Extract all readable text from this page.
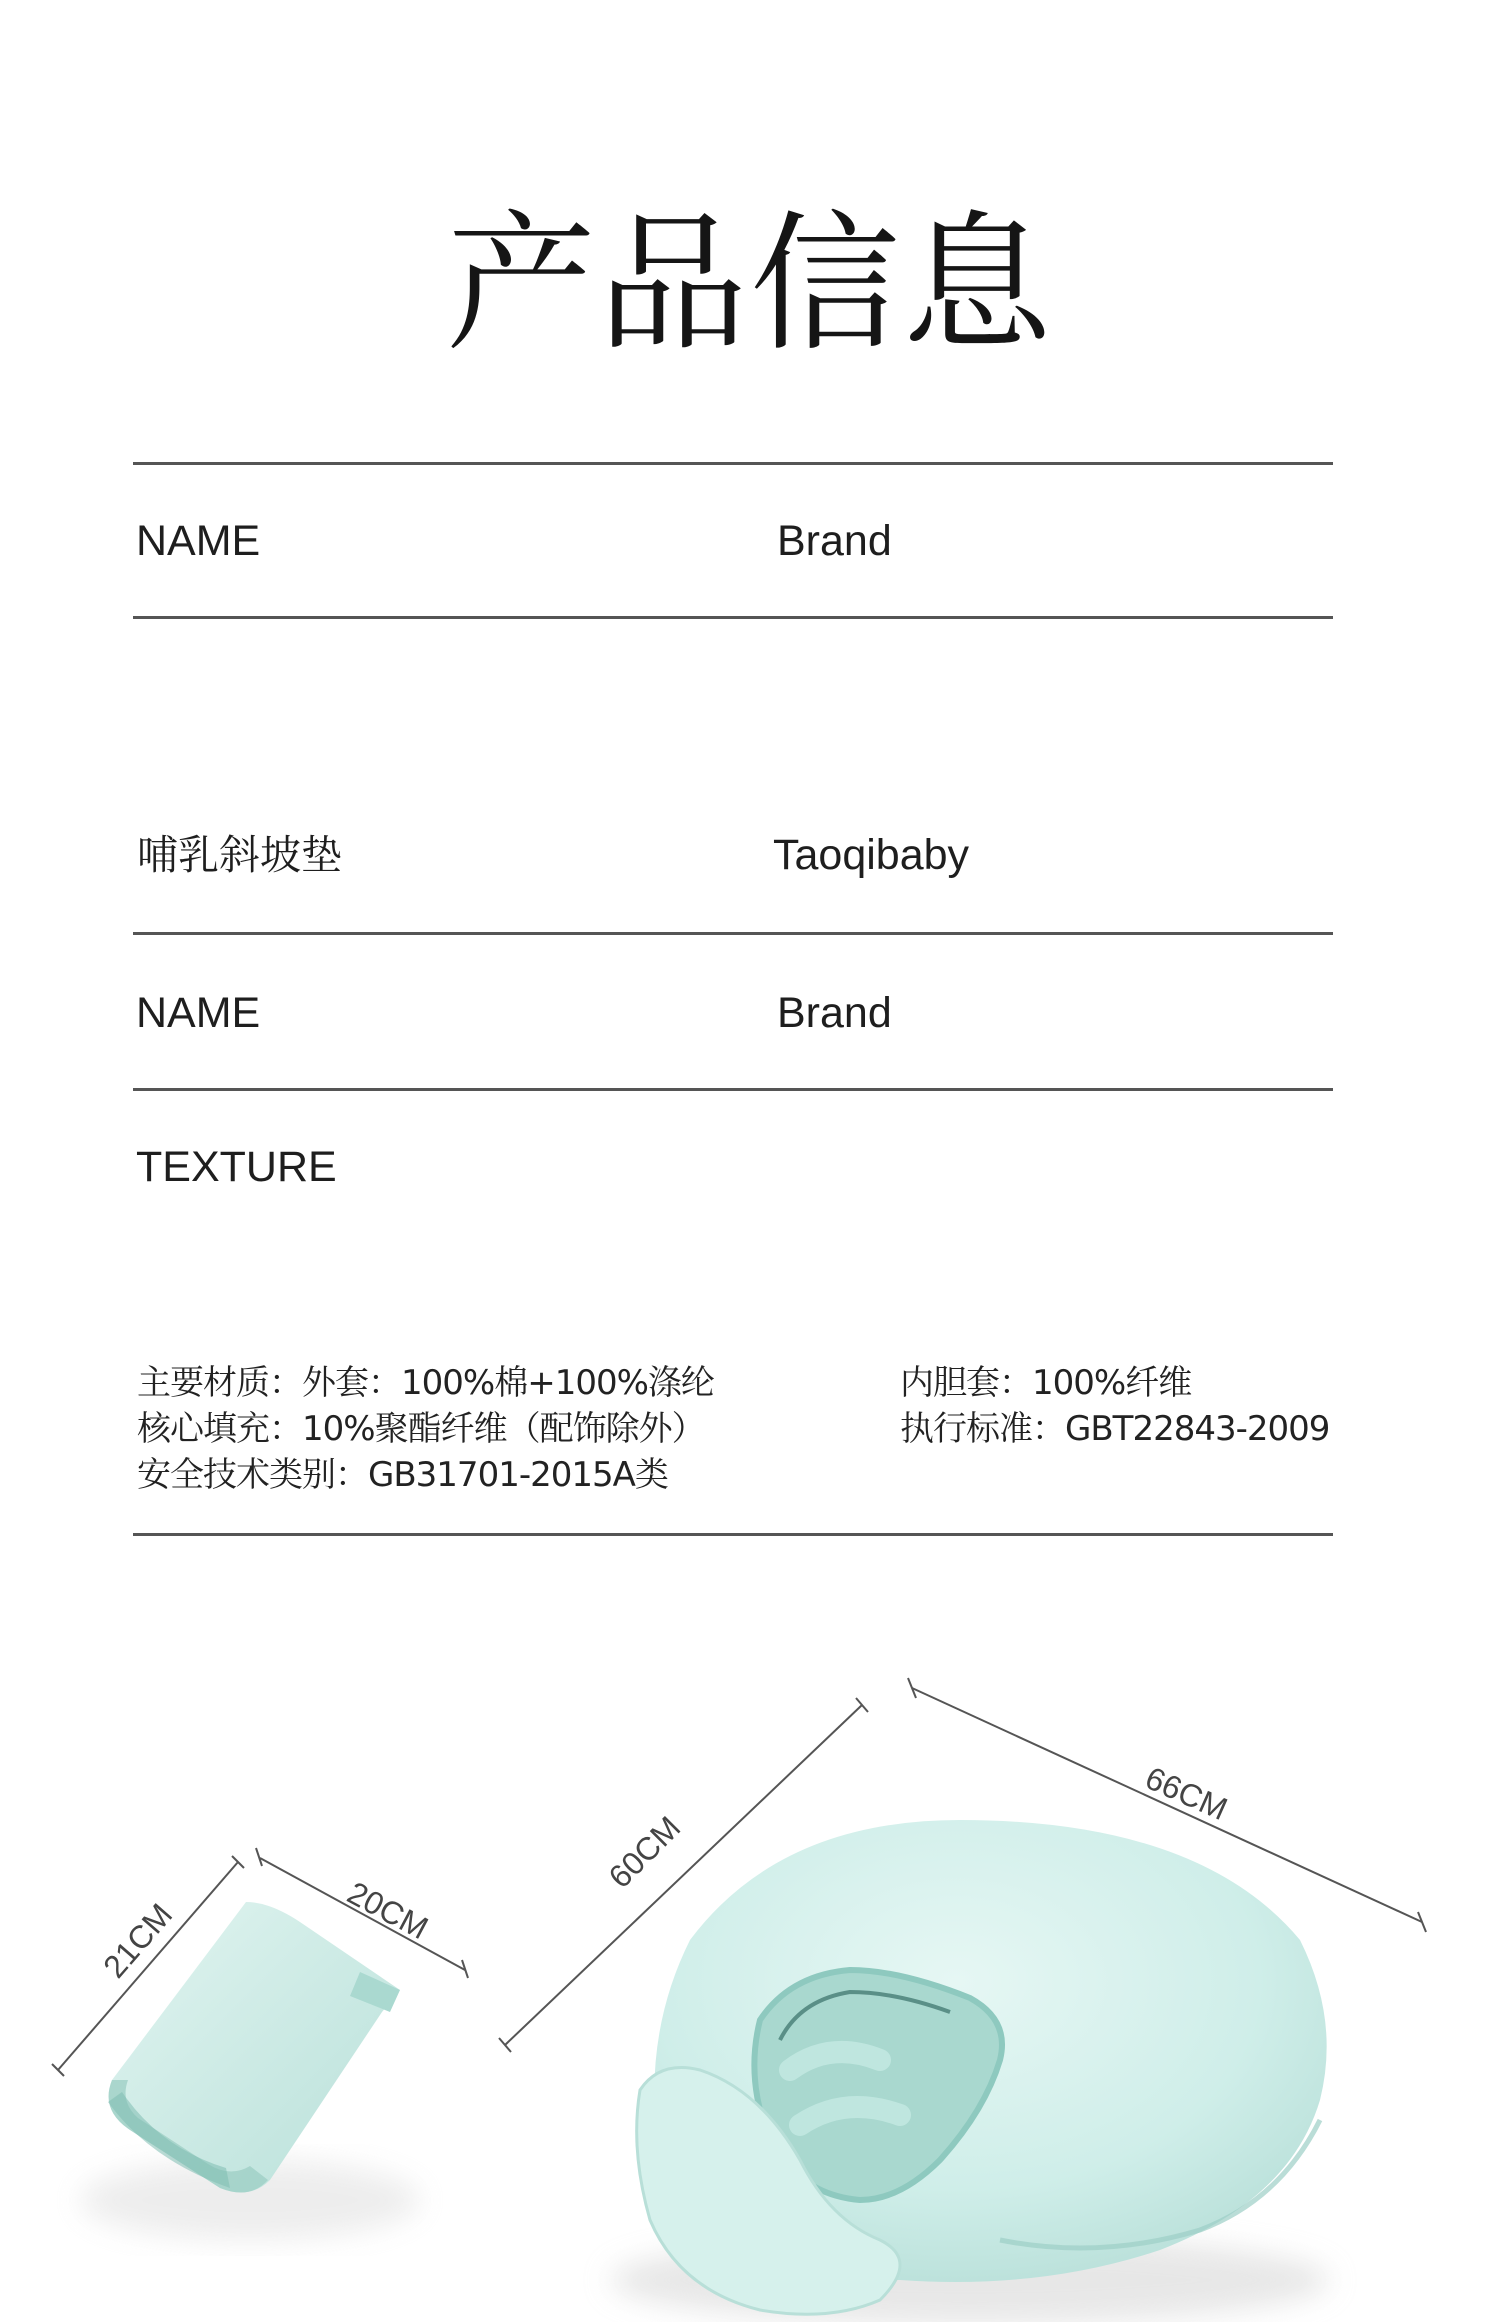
产品信息
NAME	Brand
哺乳斜坡垫	Taoqibaby
NAME	Brand
TEXTURE
主要材质：外套：100%棉+100%涤纶
核心填充：10%聚酯纤维（配饰除外）
安全技术类别：GB31701-2015A类
内胆套：100%纤维
执行标准：GBT22843-2009
21CM	20CM
60CM
66CM
